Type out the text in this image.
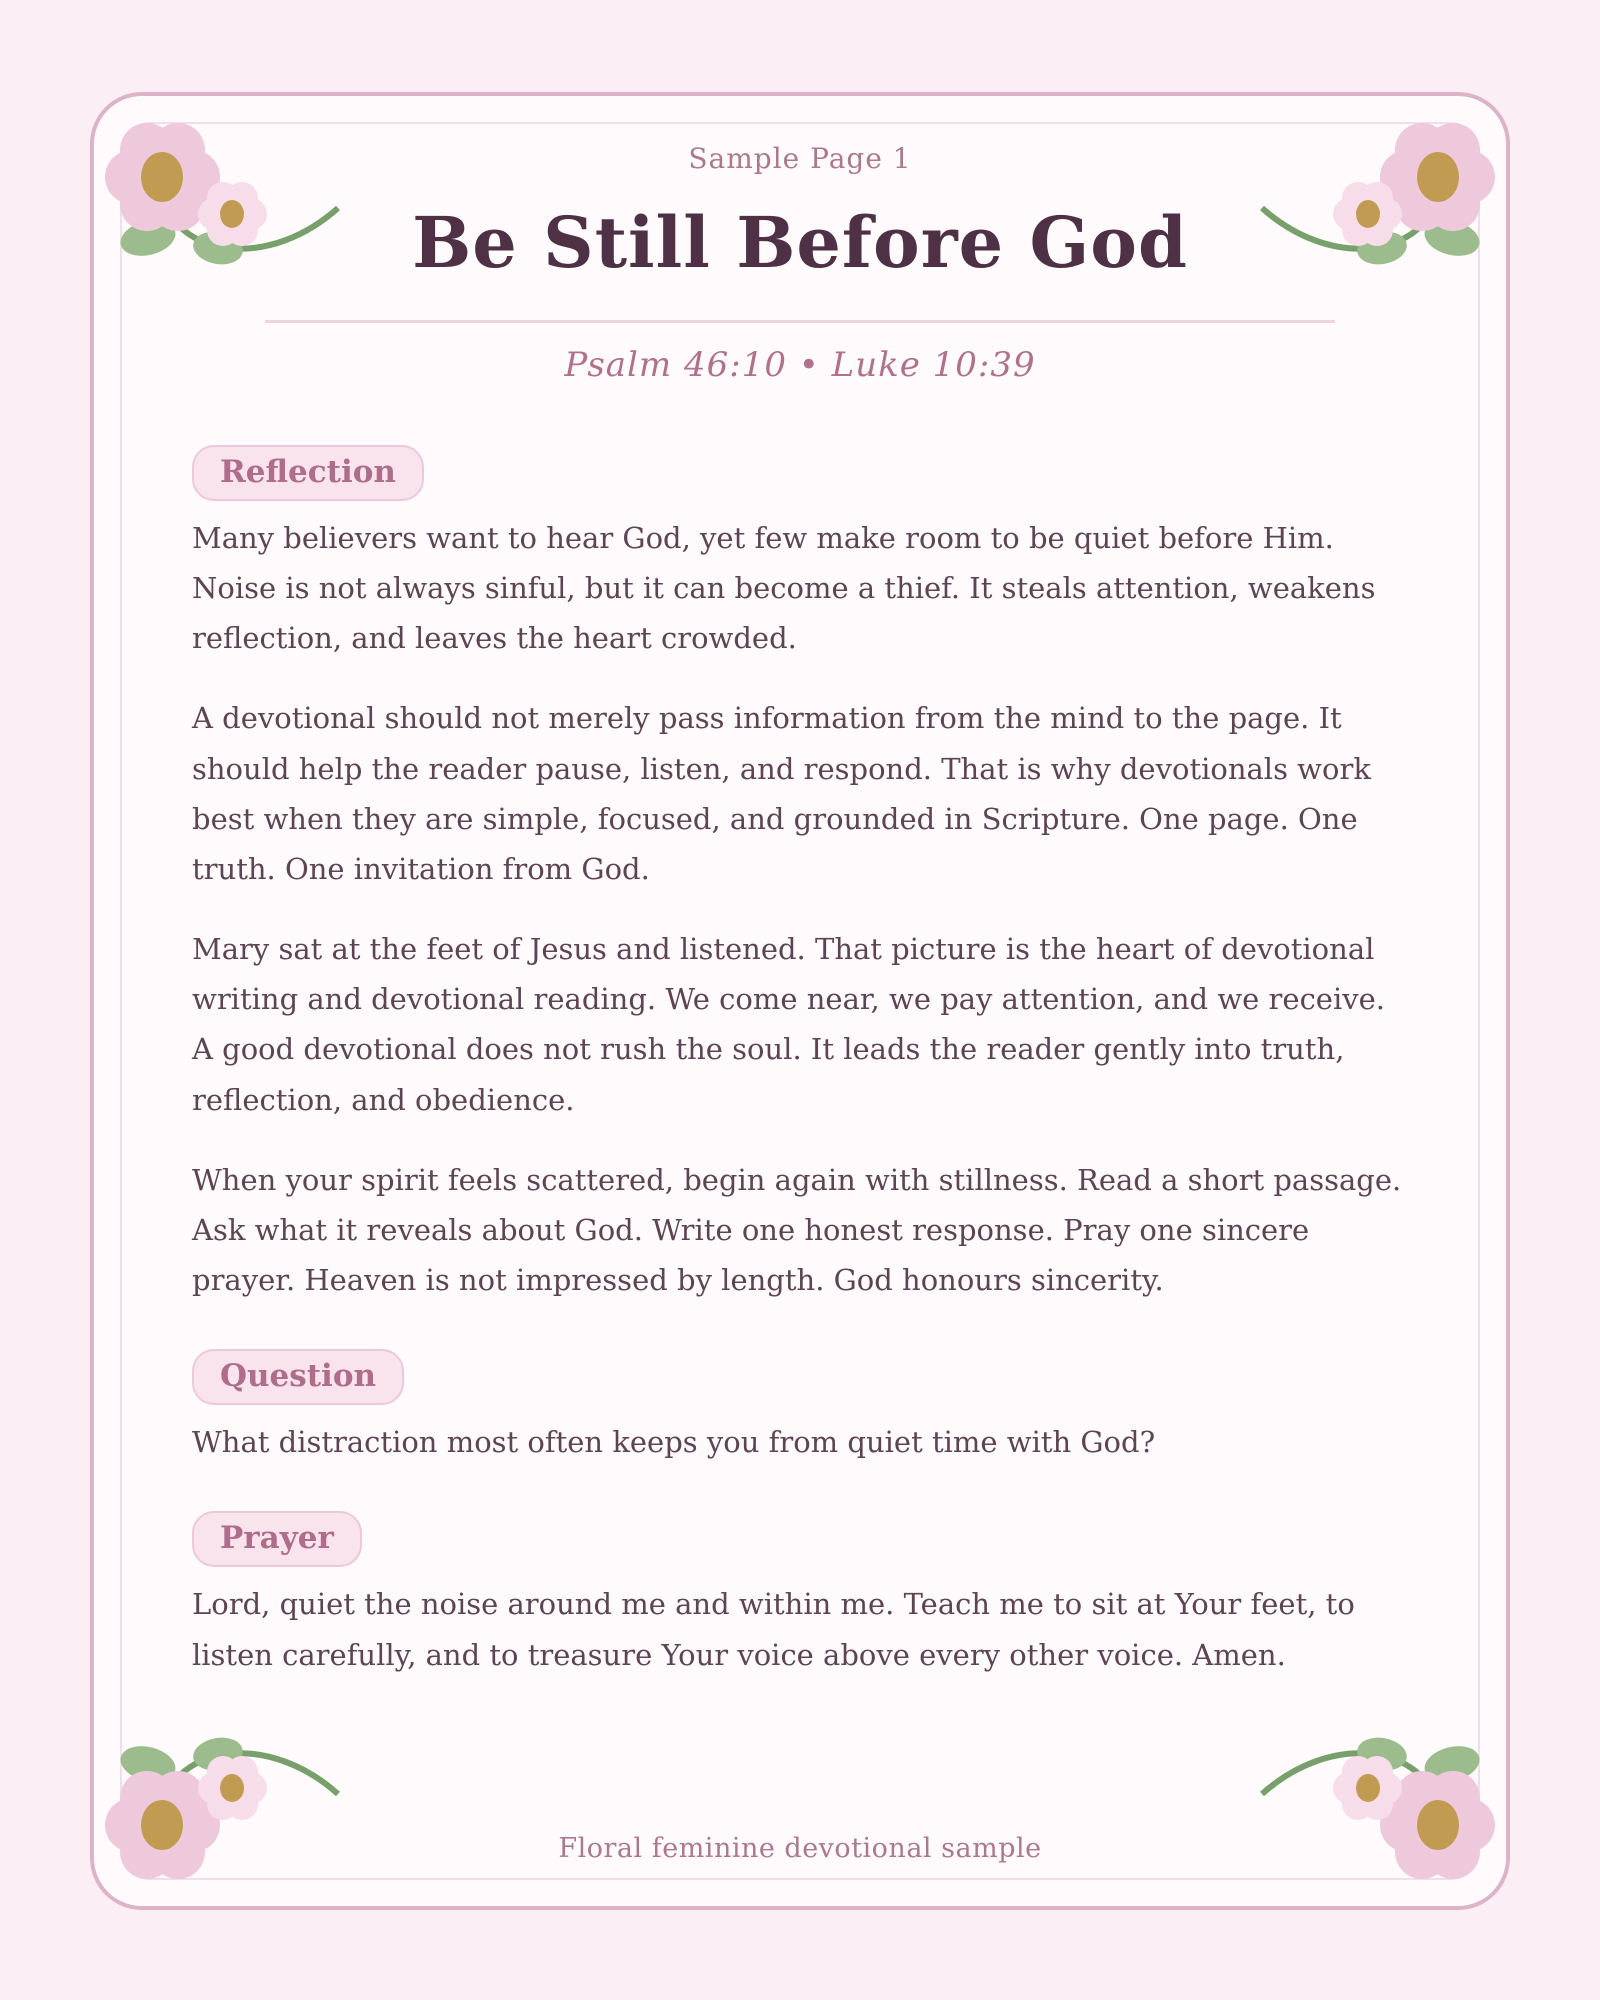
Sample Page 1
Be Still Before God
Psalm 46:10 • Luke 10:39
Reflection

Many believers want to hear God, yet few make room to be quiet before Him. Noise is not always sinful, but it can become a thief. It steals attention, weakens reflection, and leaves the heart crowded.

A devotional should not merely pass information from the mind to the page. It should help the reader pause, listen, and respond. That is why devotionals work best when they are simple, focused, and grounded in Scripture. One page. One truth. One invitation from God.

Mary sat at the feet of Jesus and listened. That picture is the heart of devotional writing and devotional reading. We come near, we pay attention, and we receive. A good devotional does not rush the soul. It leads the reader gently into truth, reflection, and obedience.

When your spirit feels scattered, begin again with stillness. Read a short passage. Ask what it reveals about God. Write one honest response. Pray one sincere prayer. Heaven is not impressed by length. God honours sincerity.

Question

What distraction most often keeps you from quiet time with God?

Prayer

Lord, quiet the noise around me and within me. Teach me to sit at Your feet, to listen carefully, and to treasure Your voice above every other voice. Amen.

Floral feminine devotional sample
